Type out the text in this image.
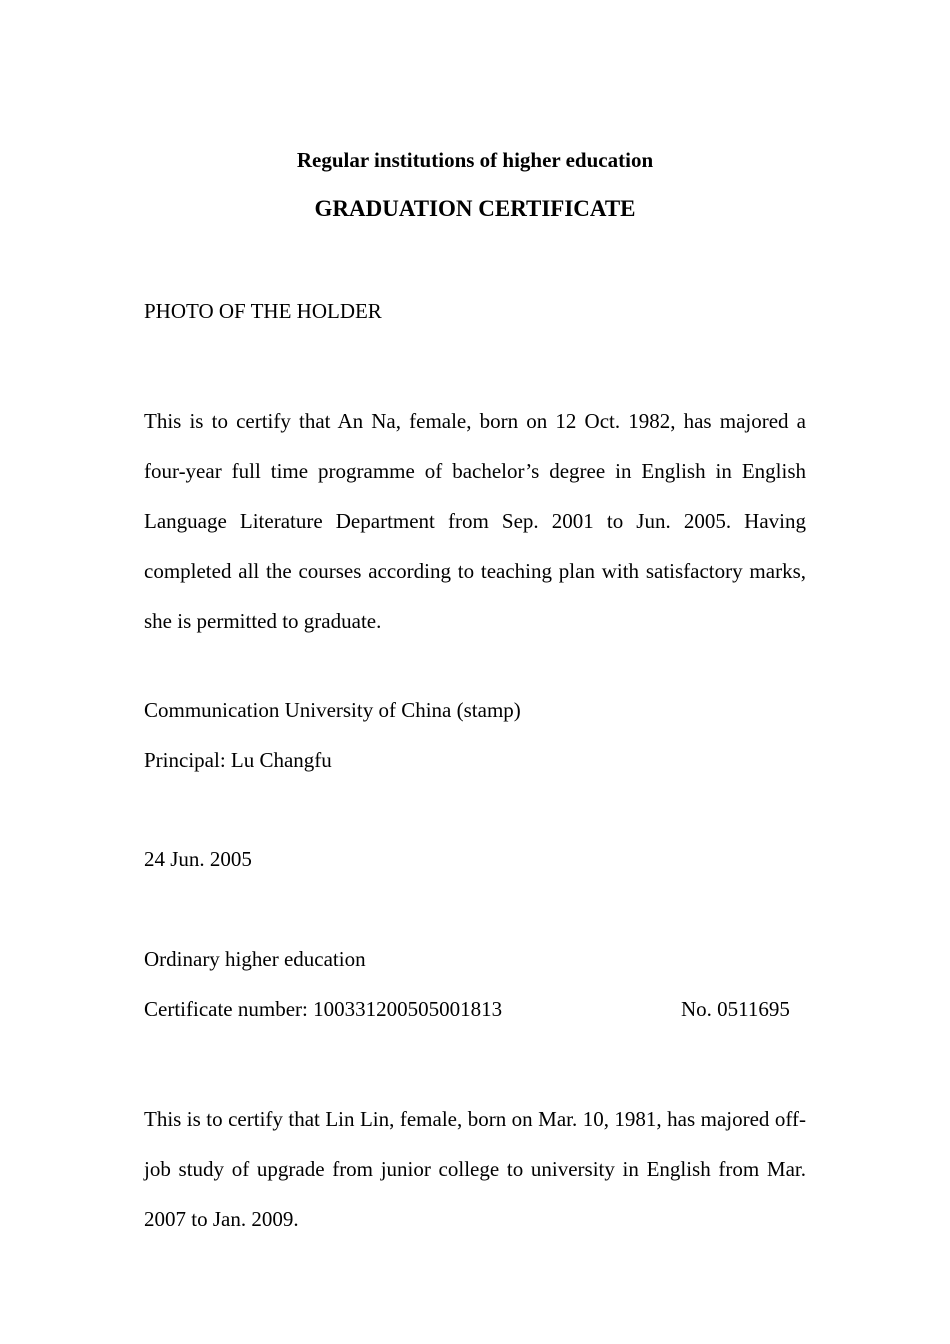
Regular institutions of higher education
GRADUATION CERTIFICATE
PHOTO OF THE HOLDER
This is to certify that An Na, female, born on 12 Oct. 1982, has majored a four-year full time programme of bachelor’s degree in English in English Language Literature Department from Sep. 2001 to Jun. 2005. Having completed all the courses according to teaching plan with satisfactory marks, she is permitted to graduate.
Communication University of China (stamp)
Principal: Lu Changfu
24 Jun. 2005
Ordinary higher education
Certificate number: 100331200505001813	No. 0511695
This is to certify that Lin Lin, female, born on Mar. 10, 1981, has majored off-job study of upgrade from junior college to university in English from Mar. 2007 to Jan. 2009.
